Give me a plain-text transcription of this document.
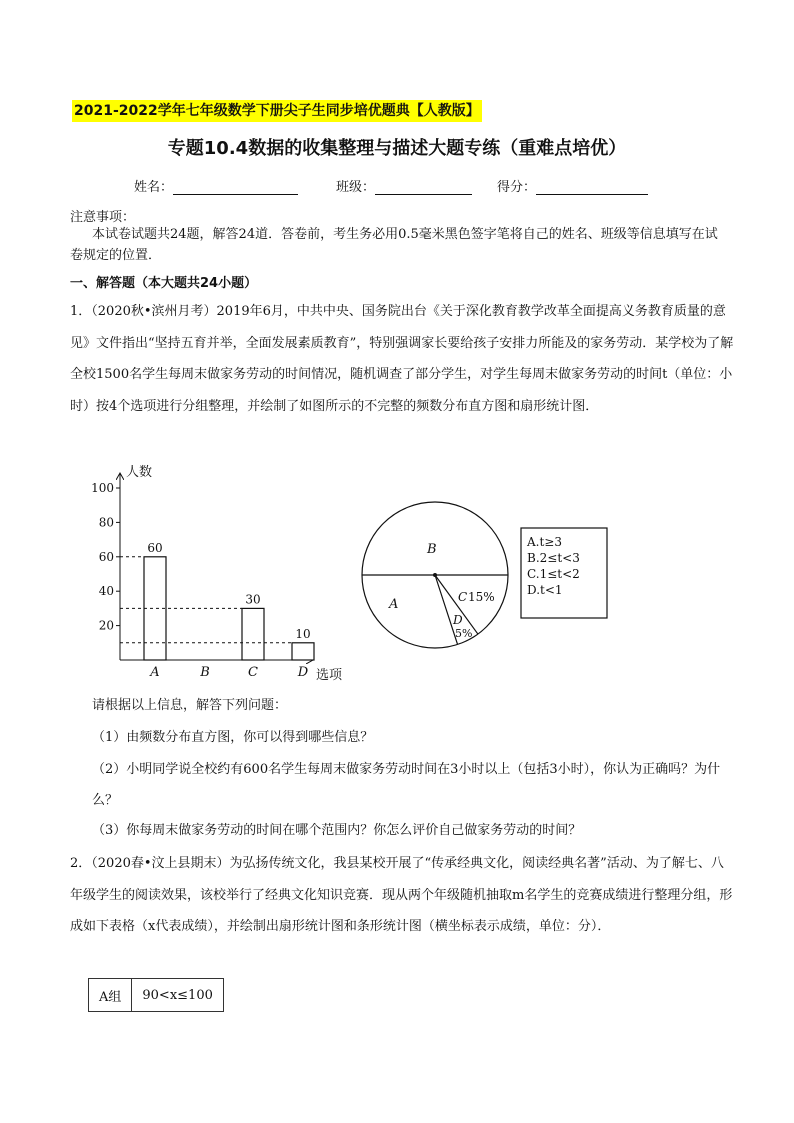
2021-2022学年七年级数学下册尖子生同步培优题典【人教版】
专题10.4数据的收集整理与描述大题专练（重难点培优）
姓名：	班级：	得分：
注意事项：
本试卷试题共24题，解答24道．答卷前，考生务必用0.5毫米黑色签字笔将自己的姓名、班级等信息填写在试卷规定的位置．
一、解答题（本大题共24小题）
1．（2020秋•滨州月考）2019年6月，中共中央、国务院出台《关于深化教育教学改革全面提高义务教育质量的意见》文件指出“坚持五育并举，全面发展素质教育”，特别强调家长要给孩子安排力所能及的家务劳动．某学校为了解全校1500名学生每周末做家务劳动的时间情况，随机调查了部分学生，对学生每周末做家务劳动的时间t（单位：小时）按4个选项进行分组整理，并绘制了如图所示的不完整的频数分布直方图和扇形统计图．
人数
选项
20
40
60
80
100
60
A	B
30
C
10
D
B
A	C 15%
D
5%
A.t≥3
B.2≤t<3
C.1≤t<2
D.t<1
请根据以上信息，解答下列问题：
（1）由频数分布直方图，你可以得到哪些信息？
（2）小明同学说全校约有600名学生每周末做家务劳动时间在3小时以上（包括3小时），你认为正确吗？为什么？
（3）你每周末做家务劳动的时间在哪个范围内？你怎么评价自己做家务劳动的时间？
2．（2020春•汶上县期末）为弘扬传统文化，我县某校开展了“传承经典文化，阅读经典名著”活动、为了解七、八年级学生的阅读效果，该校举行了经典文化知识竞赛．现从两个年级随机抽取m名学生的竞赛成绩进行整理分组，形成如下表格（x代表成绩），并绘制出扇形统计图和条形统计图（横坐标表示成绩，单位：分）．
A组	90<x≤100
